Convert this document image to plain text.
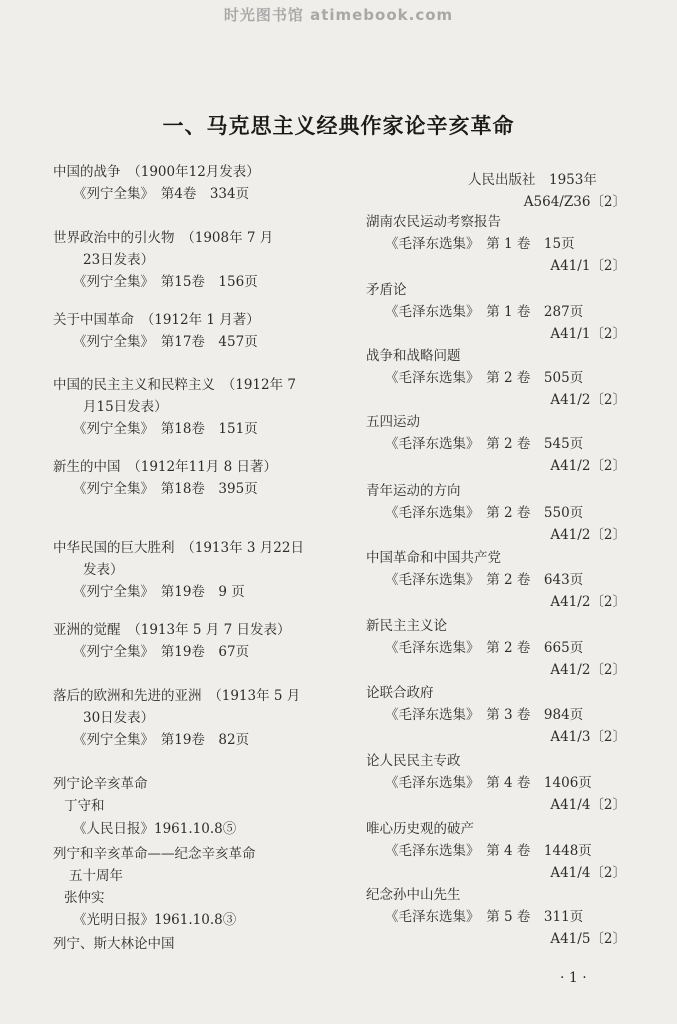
时光图书馆 atimebook.com
一、马克思主义经典作家论辛亥革命
中国的战争　（1900年12月发表）
《列宁全集》　第4卷　334页
世界政治中的引火物　（1908年 7 月
23日发表）
《列宁全集》　第15卷　156页
关于中国革命　（1912年 1 月著）
《列宁全集》　第17卷　457页
中国的民主主义和民粹主义　（1912年 7
月15日发表）
《列宁全集》　第18卷　151页
新生的中国　（1912年11月 8 日著）
《列宁全集》　第18卷　395页
中华民国的巨大胜利　（1913年 3 月22日
发表）
《列宁全集》　第19卷　9 页
亚洲的觉醒　（1913年 5 月 7 日发表）
《列宁全集》　第19卷　67页
落后的欧洲和先进的亚洲　（1913年 5 月
30日发表）
《列宁全集》　第19卷　82页
列宁论辛亥革命
丁守和
《人民日报》1961.10.8⑤
列宁和辛亥革命——纪念辛亥革命
五十周年
张仲实
《光明日报》1961.10.8③
列宁、斯大林论中国
人民出版社　1953年
A564/Z36〔2〕
湖南农民运动考察报告
《毛泽东选集》　第 1 卷　15页
A41/1〔2〕
矛盾论
《毛泽东选集》　第 1 卷　287页
A41/1〔2〕
战争和战略问题
《毛泽东选集》　第 2 卷　505页
A41/2〔2〕
五四运动
《毛泽东选集》　第 2 卷　545页
A41/2〔2〕
青年运动的方向
《毛泽东选集》　第 2 卷　550页
A41/2〔2〕
中国革命和中国共产党
《毛泽东选集》　第 2 卷　643页
A41/2〔2〕
新民主主义论
《毛泽东选集》　第 2 卷　665页
A41/2〔2〕
论联合政府
《毛泽东选集》　第 3 卷　984页
A41/3〔2〕
论人民民主专政
《毛泽东选集》　第 4 卷　1406页
A41/4〔2〕
唯心历史观的破产
《毛泽东选集》　第 4 卷　1448页
A41/4〔2〕
纪念孙中山先生
《毛泽东选集》　第 5 卷　311页
A41/5〔2〕
· 1 ·
